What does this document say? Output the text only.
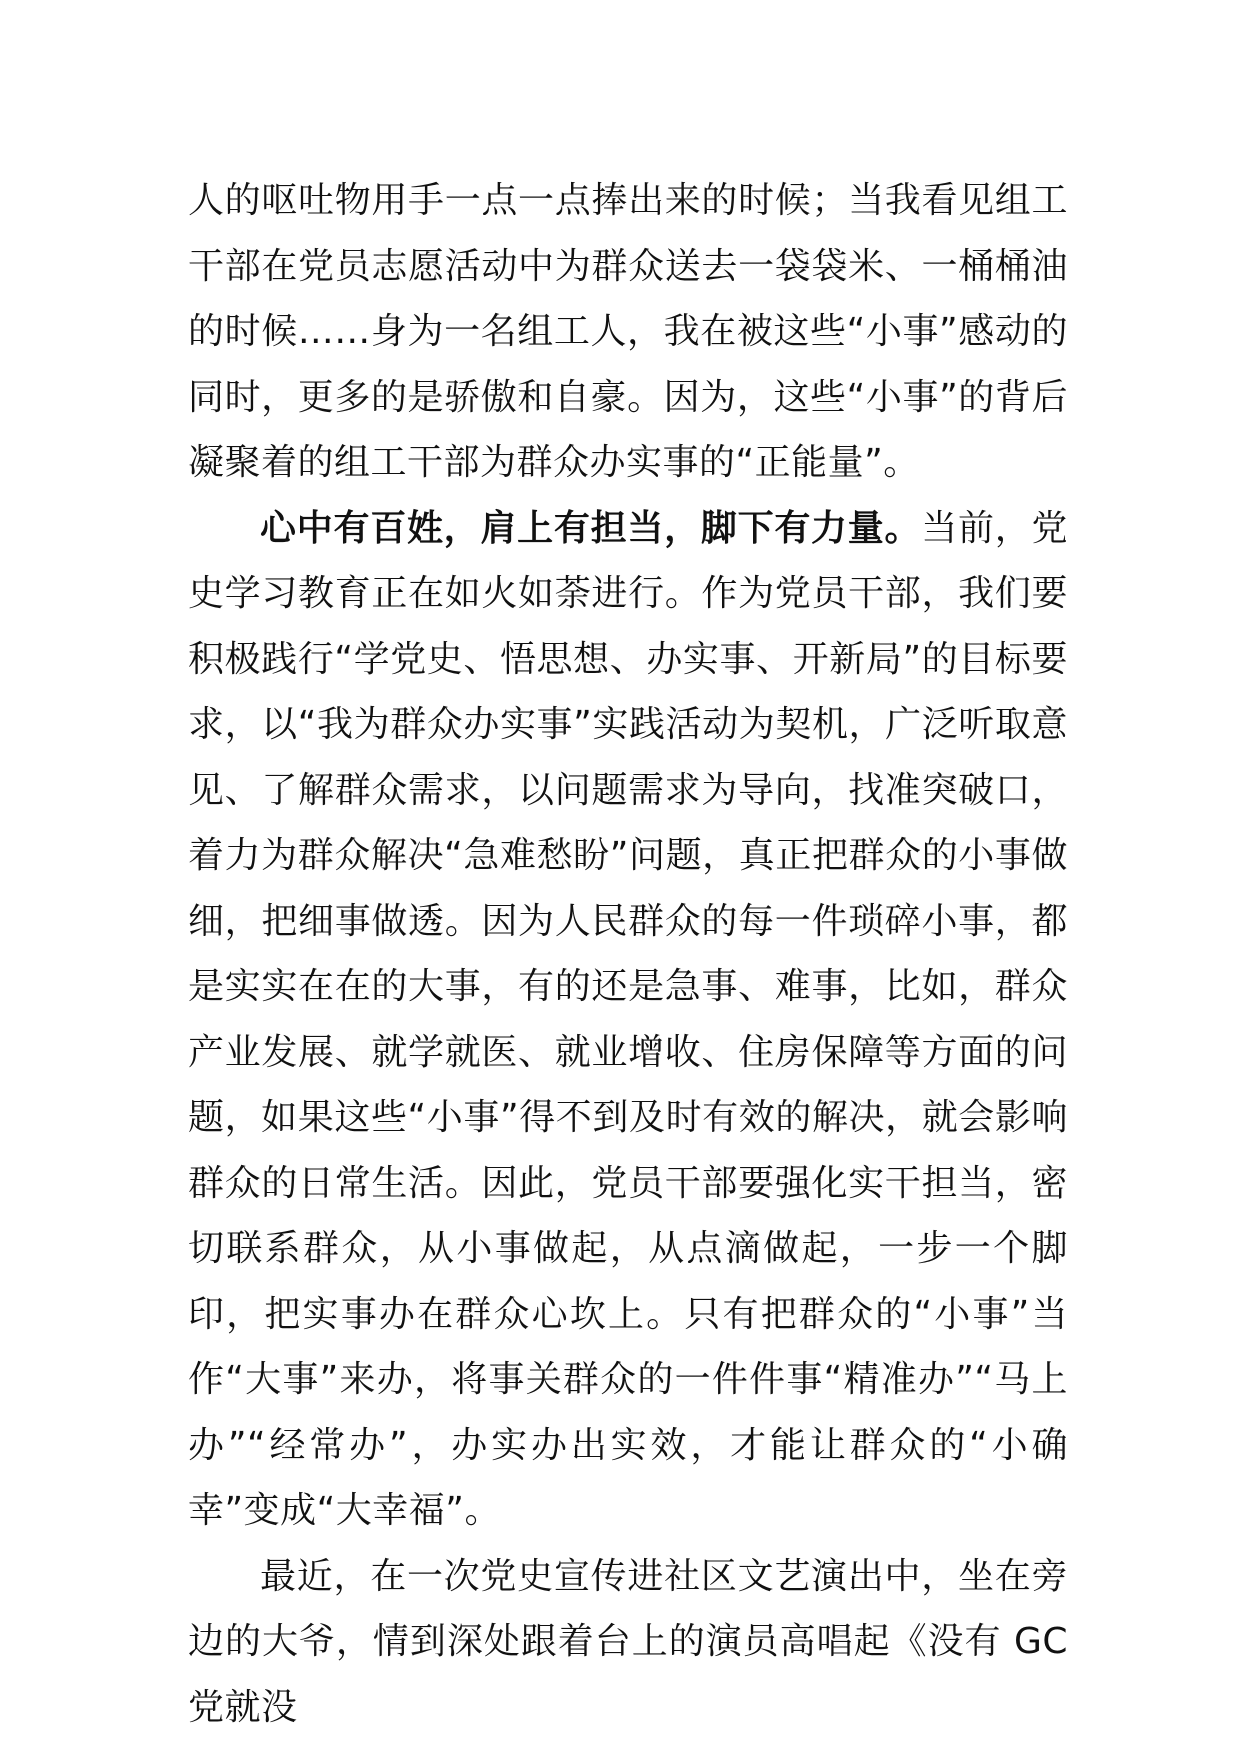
人的呕吐物用手一点一点捧出来的时候；当我看见组工干部在党员志愿活动中为群众送去一袋袋米、一桶桶油的时候……身为一名组工人，我在被这些“小事”感动的同时，更多的是骄傲和自豪。因为，这些“小事”的背后凝聚着的组工干部为群众办实事的“正能量”。

心中有百姓，肩上有担当，脚下有力量。当前，党史学习教育正在如火如荼进行。作为党员干部，我们要积极践行“学党史、悟思想、办实事、开新局”的目标要求，以“我为群众办实事”实践活动为契机，广泛听取意见、了解群众需求，以问题需求为导向，找准突破口，着力为群众解决“急难愁盼”问题，真正把群众的小事做细，把细事做透。因为人民群众的每一件琐碎小事，都是实实在在的大事，有的还是急事、难事，比如，群众产业发展、就学就医、就业增收、住房保障等方面的问题，如果这些“小事”得不到及时有效的解决，就会影响群众的日常生活。因此，党员干部要强化实干担当，密切联系群众，从小事做起，从点滴做起，一步一个脚印，把实事办在群众心坎上。只有把群众的“小事”当作“大事”来办，将事关群众的一件件事“精准办”“马上办”“经常办”，办实办出实效，才能让群众的“小确幸”变成“大幸福”。

最近，在一次党史宣传进社区文艺演出中，坐在旁边的大爷，情到深处跟着台上的演员高唱起《没有 GC 党就没
